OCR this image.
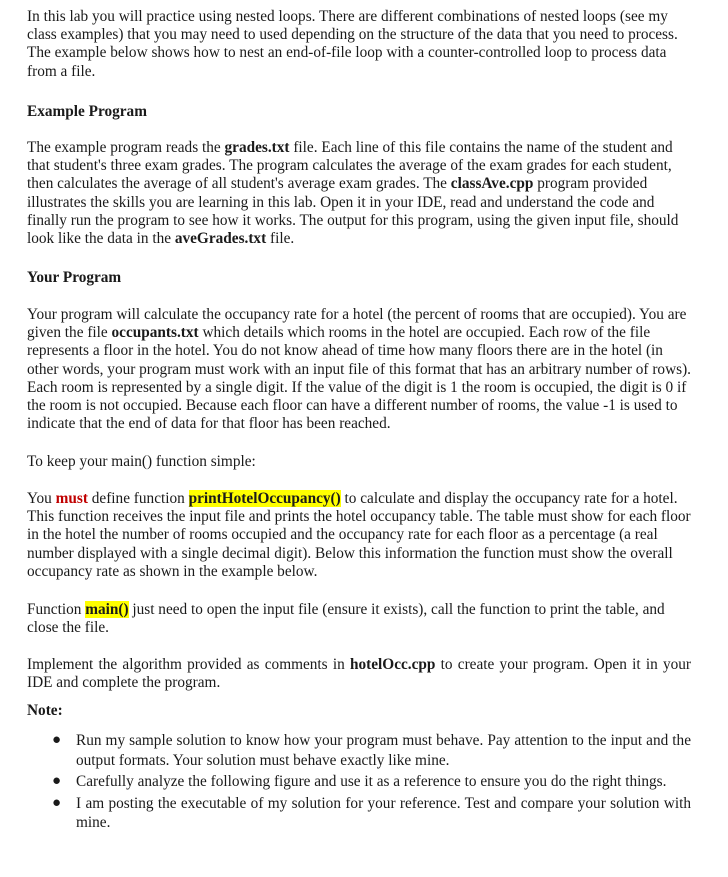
In this lab you will practice using nested loops. There are different combinations of nested loops (see my class examples) that you may need to used depending on the structure of the data that you need to process. The example below shows how to nest an end-of-file loop with a counter-controlled loop to process data from a file.

Example Program

The example program reads the grades.txt file. Each line of this file contains the name of the student and that student's three exam grades. The program calculates the average of the exam grades for each student, then calculates the average of all student's average exam grades. The classAve.cpp program provided illustrates the skills you are learning in this lab. Open it in your IDE, read and understand the code and finally run the program to see how it works. The output for this program, using the given input file, should look like the data in the aveGrades.txt file.

Your Program

Your program will calculate the occupancy rate for a hotel (the percent of rooms that are occupied). You are given the file occupants.txt which details which rooms in the hotel are occupied. Each row of the file represents a floor in the hotel. You do not know ahead of time how many floors there are in the hotel (in other words, your program must work with an input file of this format that has an arbitrary number of rows). Each room is represented by a single digit. If the value of the digit is 1 the room is occupied, the digit is 0 if the room is not occupied. Because each floor can have a different number of rooms, the value -1 is used to indicate that the end of data for that floor has been reached.

To keep your main() function simple:

You must define function printHotelOccupancy() to calculate and display the occupancy rate for a hotel. This function receives the input file and prints the hotel occupancy table. The table must show for each floor in the hotel the number of rooms occupied and the occupancy rate for each floor as a percentage (a real number displayed with a single decimal digit). Below this information the function must show the overall occupancy rate as shown in the example below.

Function main() just need to open the input file (ensure it exists), call the function to print the table, and close the file.

Implement the algorithm provided as comments in hotelOcc.cpp to create your program. Open it in your IDE and complete the program.

Note:

● Run my sample solution to know how your program must behave. Pay attention to the input and the output formats. Your solution must behave exactly like mine.
● Carefully analyze the following figure and use it as a reference to ensure you do the right things.
● I am posting the executable of my solution for your reference. Test and compare your solution with mine.
